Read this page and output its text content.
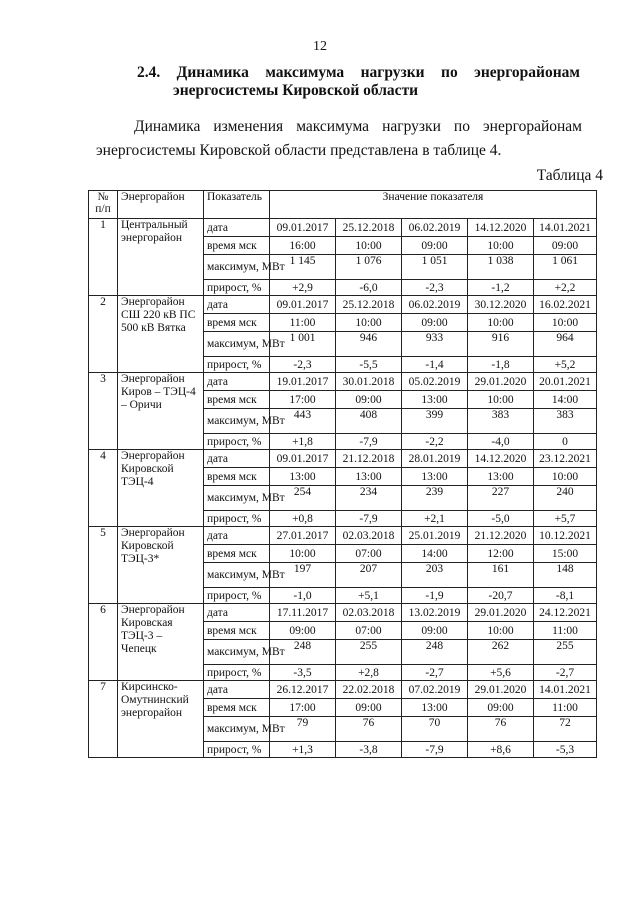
12
2.4. Динамика максимума нагрузки по энергорайонам
энергосистемы Кировской области
Динамика изменения максимума нагрузки по энергорайонам
энергосистемы Кировской области представлена в таблице 4.
Таблица 4
№ п/п	Энергорайон	Показатель	Значение показателя				
1	Центральный энергорайон	дата	09.01.2017	25.12.2018	06.02.2019	14.12.2020	14.01.2021
		время мск	16:00	10:00	09:00	10:00	09:00
		максимум, МВт	1 145	1 076	1 051	1 038	1 061
		прирост, %	+2,9	-6,0	-2,3	-1,2	+2,2
2	Энергорайон СШ 220 кВ ПС 500 кВ Вятка	дата	09.01.2017	25.12.2018	06.02.2019	30.12.2020	16.02.2021
		время мск	11:00	10:00	09:00	10:00	10:00
		максимум, МВт	1 001	946	933	916	964
		прирост, %	-2,3	-5,5	-1,4	-1,8	+5,2
3	Энергорайон Киров – ТЭЦ-4 – Оричи	дата	19.01.2017	30.01.2018	05.02.2019	29.01.2020	20.01.2021
		время мск	17:00	09:00	13:00	10:00	14:00
		максимум, МВт	443	408	399	383	383
		прирост, %	+1,8	-7,9	-2,2	-4,0	0
4	Энергорайон Кировской ТЭЦ-4	дата	09.01.2017	21.12.2018	28.01.2019	14.12.2020	23.12.2021
		время мск	13:00	13:00	13:00	13:00	10:00
		максимум, МВт	254	234	239	227	240
		прирост, %	+0,8	-7,9	+2,1	-5,0	+5,7
5	Энергорайон Кировской ТЭЦ-3*	дата	27.01.2017	02.03.2018	25.01.2019	21.12.2020	10.12.2021
		время мск	10:00	07:00	14:00	12:00	15:00
		максимум, МВт	197	207	203	161	148
		прирост, %	-1,0	+5,1	-1,9	-20,7	-8,1
6	Энергорайон Кировская ТЭЦ-3 – Чепецк	дата	17.11.2017	02.03.2018	13.02.2019	29.01.2020	24.12.2021
		время мск	09:00	07:00	09:00	10:00	11:00
		максимум, МВт	248	255	248	262	255
		прирост, %	-3,5	+2,8	-2,7	+5,6	-2,7
7	Кирсинско-Омутнинский энергорайон	дата	26.12.2017	22.02.2018	07.02.2019	29.01.2020	14.01.2021
		время мск	17:00	09:00	13:00	09:00	11:00
		максимум, МВт	79	76	70	76	72
		прирост, %	+1,3	-3,8	-7,9	+8,6	-5,3
